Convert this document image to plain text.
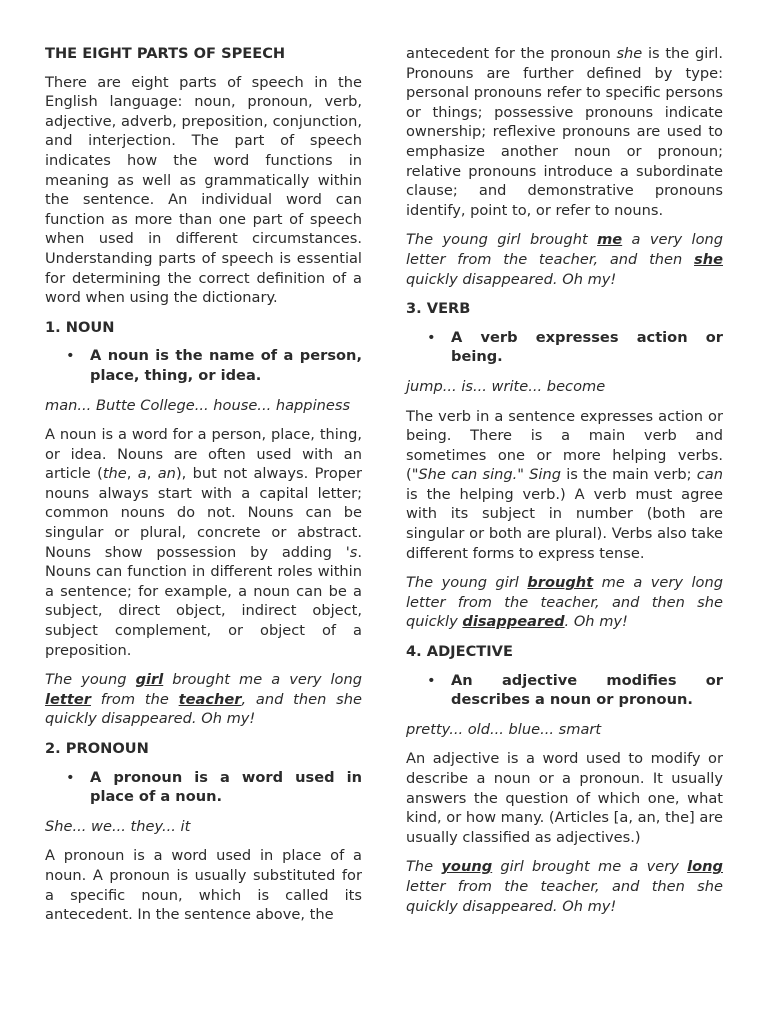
THE EIGHT PARTS OF SPEECH

There are eight parts of speech in the English language: noun, pronoun, verb, adjective, adverb, preposition, conjunction, and interjection. The part of speech indicates how the word functions in meaning as well as grammatically within the sentence. An individual word can function as more than one part of speech when used in different circumstances. Understanding parts of speech is essential for determining the correct definition of a word when using the dictionary.

1. NOUN
• A noun is the name of a person, place, thing, or idea.

man... Butte College... house... happiness

A noun is a word for a person, place, thing, or idea. Nouns are often used with an article (the, a, an), but not always. Proper nouns always start with a capital letter; common nouns do not. Nouns can be singular or plural, concrete or abstract. Nouns show possession by adding 's. Nouns can function in different roles within a sentence; for example, a noun can be a subject, direct object, indirect object, subject complement, or object of a preposition.

The young girl brought me a very long letter from the teacher, and then she quickly disappeared. Oh my!

2. PRONOUN
• A pronoun is a word used in place of a noun.

She... we... they... it

A pronoun is a word used in place of a noun. A pronoun is usually substituted for a specific noun, which is called its antecedent. In the sentence above, the

antecedent for the pronoun she is the girl. Pronouns are further defined by type: personal pronouns refer to specific persons or things; possessive pronouns indicate ownership; reflexive pronouns are used to emphasize another noun or pronoun; relative pronouns introduce a subordinate clause; and demonstrative pronouns identify, point to, or refer to nouns.

The young girl brought me a very long letter from the teacher, and then she quickly disappeared. Oh my!

3. VERB
• A verb expresses action or being.

jump... is... write... become

The verb in a sentence expresses action or being. There is a main verb and sometimes one or more helping verbs. ("She can sing." Sing is the main verb; can is the helping verb.) A verb must agree with its subject in number (both are singular or both are plural). Verbs also take different forms to express tense.

The young girl brought me a very long letter from the teacher, and then she quickly disappeared. Oh my!

4. ADJECTIVE
• An adjective modifies or describes a noun or pronoun.

pretty... old... blue... smart

An adjective is a word used to modify or describe a noun or a pronoun. It usually answers the question of which one, what kind, or how many. (Articles [a, an, the] are usually classified as adjectives.)

The young girl brought me a very long letter from the teacher, and then she quickly disappeared. Oh my!
